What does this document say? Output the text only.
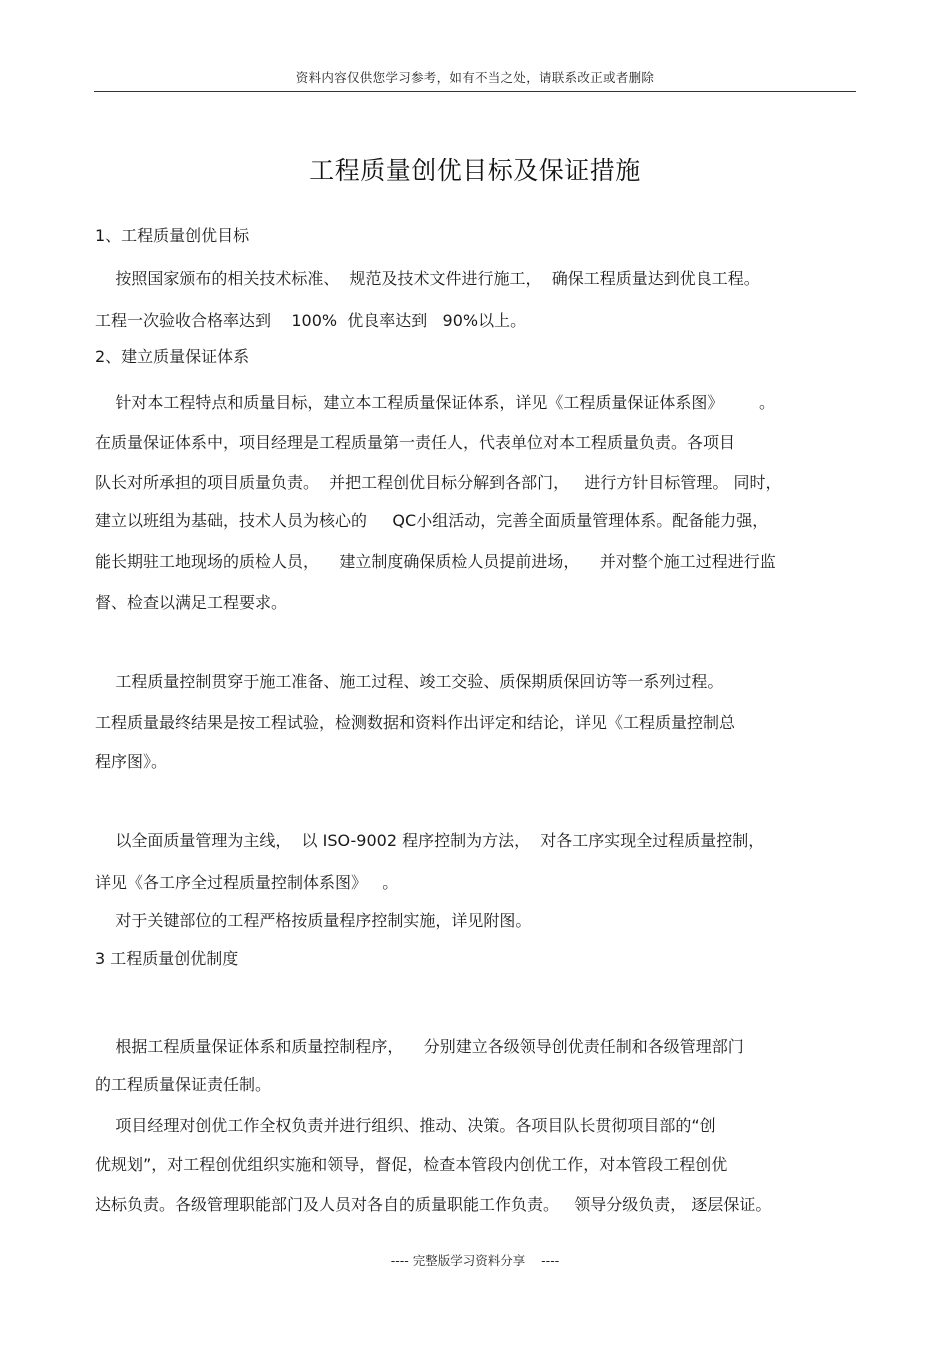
资料内容仅供您学习参考，如有不当之处，请联系改正或者删除
工程质量创优目标及保证措施
1、工程质量创优目标
按照国家颁布的相关技术标准、  规范及技术文件进行施工，  确保工程质量达到优良工程。
工程一次验收合格率达到    100%  优良率达到   90%以上。
2、建立质量保证体系
针对本工程特点和质量目标，建立本工程质量保证体系，详见《工程质量保证体系图》       。
在质量保证体系中，项目经理是工程质量第一责任人，代表单位对本工程质量负责。各项目
队长对所承担的项目质量负责。  并把工程创优目标分解到各部门，   进行方针目标管理。 同时，
建立以班组为基础，技术人员为核心的     QC小组活动，完善全面质量管理体系。配备能力强，
能长期驻工地现场的质检人员，    建立制度确保质检人员提前进场，    并对整个施工过程进行监
督、检查以满足工程要求。
工程质量控制贯穿于施工准备、施工过程、竣工交验、质保期质保回访等一系列过程。
工程质量最终结果是按工程试验，检测数据和资料作出评定和结论，详见《工程质量控制总
程序图》。
以全面质量管理为主线，  以 ISO-9002 程序控制为方法，  对各工序实现全过程质量控制，
详见《各工序全过程质量控制体系图》   。
对于关键部位的工程严格按质量程序控制实施，详见附图。
3 工程质量创优制度
根据工程质量保证体系和质量控制程序，    分别建立各级领导创优责任制和各级管理部门
的工程质量保证责任制。
项目经理对创优工作全权负责并进行组织、推动、决策。各项目队长贯彻项目部的“创
优规划”，对工程创优组织实施和领导，督促，检查本管段内创优工作，对本管段工程创优
达标负责。各级管理职能部门及人员对各自的质量职能工作负责。   领导分级负责， 逐层保证。
---- 完整版学习资料分享    ----
